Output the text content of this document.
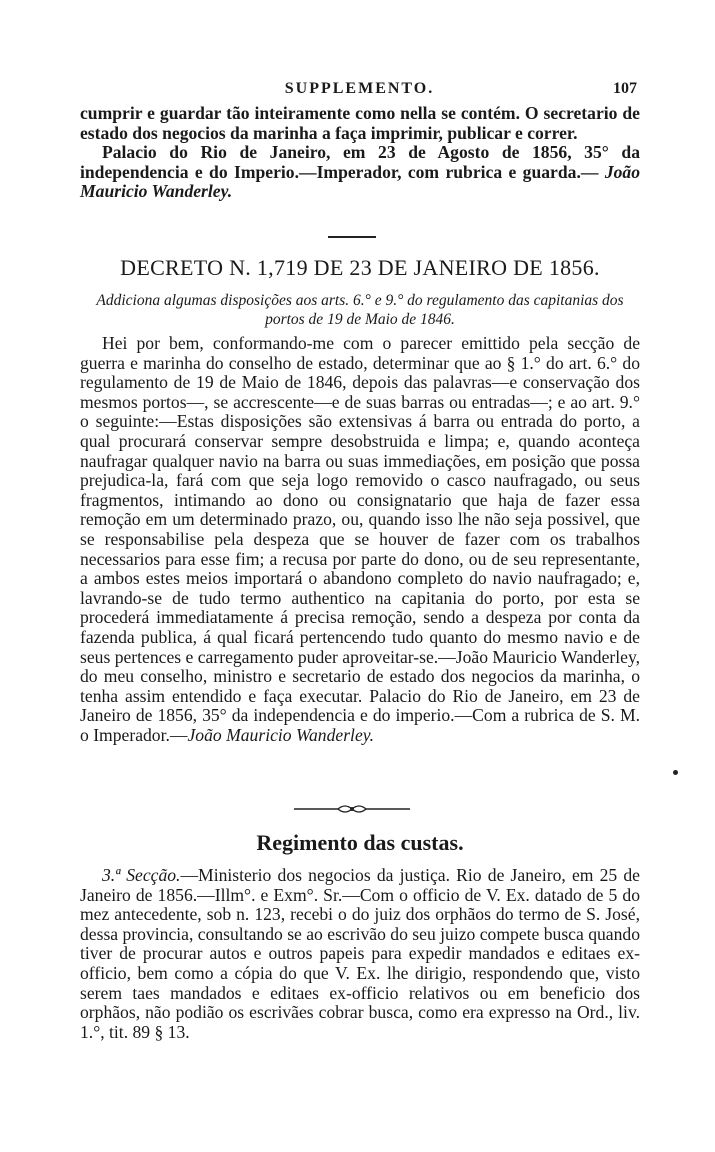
SUPPLEMENTO.	107

cumprir e guardar tão inteiramente como nella se contém. O secretario de estado dos negocios da marinha a faça imprimir, publicar e correr.

Palacio do Rio de Janeiro, em 23 de Agosto de 1856, 35° da independencia e do Imperio.—Imperador, com rubrica e guarda.— João Mauricio Wanderley.

DECRETO N. 1,719 DE 23 DE JANEIRO DE 1856.
Addiciona algumas disposições aos arts. 6.° e 9.° do regulamento das capitanias dos portos de 19 de Maio de 1846.

Hei por bem, conformando-me com o parecer emittido pela secção de guerra e marinha do conselho de estado, determinar que ao § 1.° do art. 6.° do regulamento de 19 de Maio de 1846, depois das palavras—e conservação dos mesmos portos—, se accrescente—e de suas barras ou entradas—; e ao art. 9.° o seguinte:—Estas disposições são extensivas á barra ou entrada do porto, a qual procurará conservar sempre desobstruida e limpa; e, quando aconteça naufragar qualquer navio na barra ou suas immediações, em posição que possa prejudica-la, fará com que seja logo removido o casco naufragado, ou seus fragmentos, intimando ao dono ou consignatario que haja de fazer essa remoção em um determinado prazo, ou, quando isso lhe não seja possivel, que se responsabilise pela despeza que se houver de fazer com os trabalhos necessarios para esse fim; a recusa por parte do dono, ou de seu representante, a ambos estes meios importará o abandono completo do navio naufragado; e, lavrando-se de tudo termo authentico na capitania do porto, por esta se procederá immediatamente á precisa remoção, sendo a despeza por conta da fazenda publica, á qual ficará pertencendo tudo quanto do mesmo navio e de seus pertences e carregamento puder aproveitar-se.—João Mauricio Wanderley, do meu conselho, ministro e secretario de estado dos negocios da marinha, o tenha assim entendido e faça executar. Palacio do Rio de Janeiro, em 23 de Janeiro de 1856, 35° da independencia e do imperio.—Com a rubrica de S. M. o Imperador.—João Mauricio Wanderley.

Regimento das custas.

3.ª Secção.—Ministerio dos negocios da justiça. Rio de Janeiro, em 25 de Janeiro de 1856.—Illm°. e Exm°. Sr.—Com o officio de V. Ex. datado de 5 do mez antecedente, sob n. 123, recebi o do juiz dos orphãos do termo de S. José, dessa provincia, consultando se ao escrivão do seu juizo compete busca quando tiver de procurar autos e outros papeis para expedir mandados e editaes ex-officio, bem como a cópia do que V. Ex. lhe dirigio, respondendo que, visto serem taes mandados e editaes ex-officio relativos ou em beneficio dos orphãos, não podião os escrivães cobrar busca, como era expresso na Ord., liv. 1.°, tit. 89 § 13.
